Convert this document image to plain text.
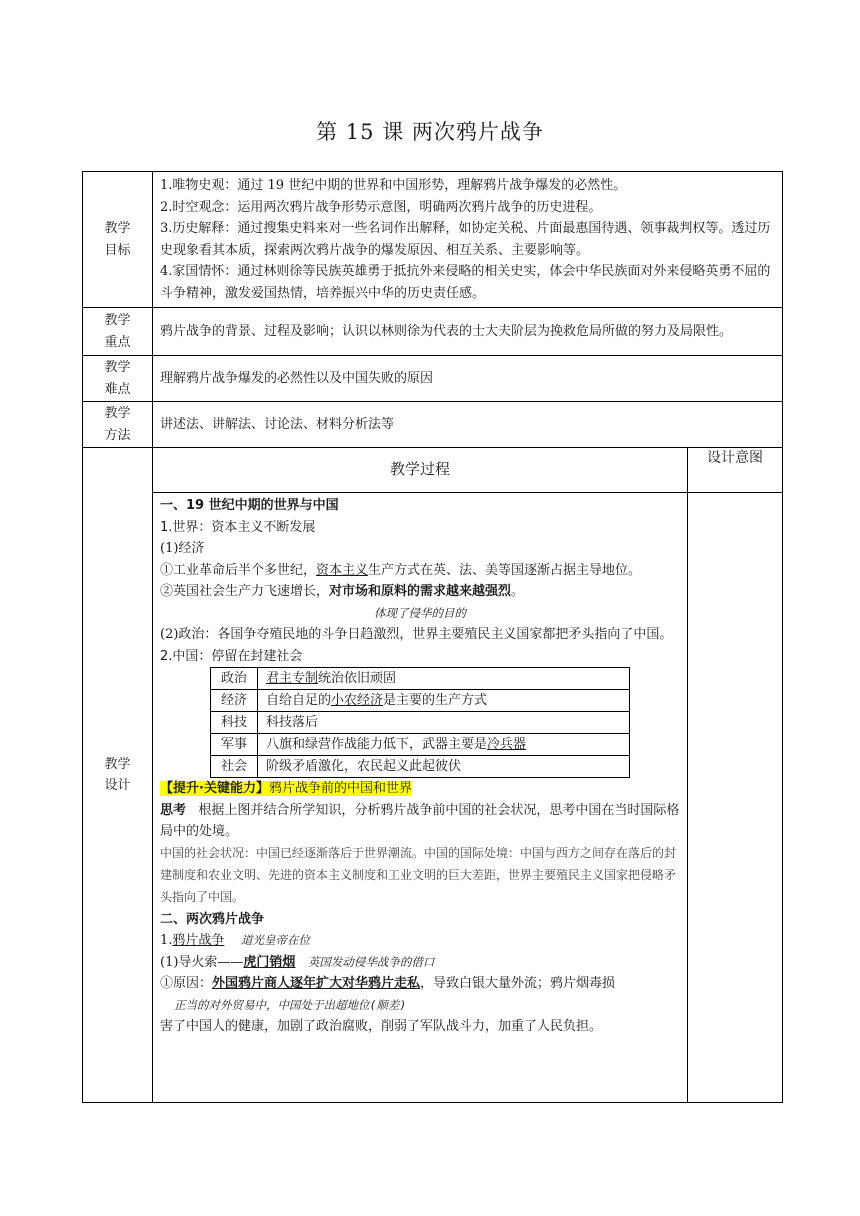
第 15 课 两次鸦片战争
教学
目标

1.唯物史观：通过 19 世纪中期的世界和中国形势，理解鸦片战争爆发的必然性。

2.时空观念：运用两次鸦片战争形势示意图，明确两次鸦片战争的历史进程。

3.历史解释：通过搜集史料来对一些名词作出解释，如协定关税、片面最惠国待遇、领事裁判权等。透过历史现象看其本质，探索两次鸦片战争的爆发原因、相互关系、主要影响等。

4.家国情怀：通过林则徐等民族英雄勇于抵抗外来侵略的相关史实，体会中华民族面对外来侵略英勇不屈的斗争精神，激发爱国热情，培养振兴中华的历史责任感。

教学
重点
	鸦片战争的背景、过程及影响；认识以林则徐为代表的士大夫阶层为挽救危局所做的努力及局限性。

教学
难点
	理解鸦片战争爆发的必然性以及中国失败的原因

教学
方法
	讲述法、讲解法、讨论法、材料分析法等

教学
设计
	教学过程	设计意图

一、19 世纪中期的世界与中国

1.世界：资本主义不断发展

(1)经济

①工业革命后半个多世纪，资本主义生产方式在英、法、美等国逐渐占据主导地位。

②英国社会生产力飞速增长，对市场和原料的需求越来越强烈。

体现了侵华的目的

(2)政治：各国争夺殖民地的斗争日趋激烈，世界主要殖民主义国家都把矛头指向了中国。

2.中国：停留在封建社会

政治	君主专制统治依旧顽固
经济	自给自足的小农经济是主要的生产方式
科技	科技落后
军事	八旗和绿营作战能力低下，武器主要是冷兵器
社会	阶级矛盾激化，农民起义此起彼伏

【提升·关键能力】鸦片战争前的中国和世界

思考 根据上图并结合所学知识，分析鸦片战争前中国的社会状况，思考中国在当时国际格局中的处境。

中国的社会状况：中国已经逐渐落后于世界潮流。中国的国际处境：中国与西方之间存在落后的封建制度和农业文明、先进的资本主义制度和工业文明的巨大差距，世界主要殖民主义国家把侵略矛头指向了中国。

二、两次鸦片战争

1.鸦片战争 道光皇帝在位

(1)导火索——虎门销烟 英国发动侵华战争的借口

①原因：外国鸦片商人逐年扩大对华鸦片走私，导致白银大量外流；鸦片烟毒损

正当的对外贸易中，中国处于出超地位(顺差)

害了中国人的健康，加剧了政治腐败，削弱了军队战斗力，加重了人民负担。
